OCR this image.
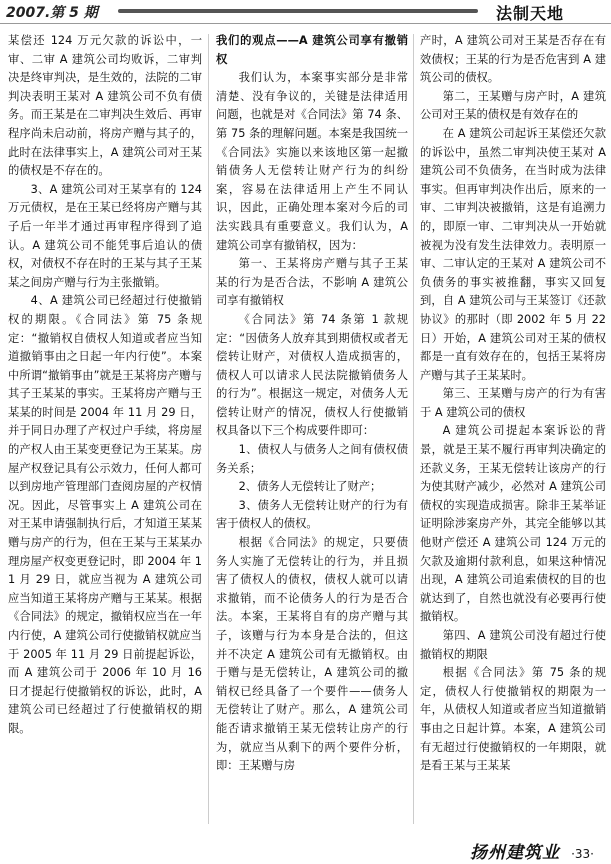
2007.第 5 期	法制天地

某偿还 124 万元欠款的诉讼中，一审、二审 A 建筑公司均败诉，二审判决是终审判决，是生效的，法院的二审判决表明王某对 A 建筑公司不负有债务。而王某是在二审判决生效后、再审程序尚未启动前，将房产赠与其子的，此时在法律事实上，A 建筑公司对王某的债权是不存在的。

3、A 建筑公司对王某享有的 124 万元债权，是在王某已经将房产赠与其子后一年半才通过再审程序得到了追认。A 建筑公司不能凭事后追认的债权，对债权不存在时的王某与其子王某某之间房产赠与行为主张撤销。

4、A 建筑公司已经超过行使撤销权的期限。《合同法》第 75 条规定：“撤销权自债权人知道或者应当知道撤销事由之日起一年内行使”。本案中所谓“撤销事由”就是王某将房产赠与其子王某某的事实。王某将房产赠与王某某的时间是 2004 年 11 月 29 日，并于同日办理了产权过户手续，将房屋的产权人由王某变更登记为王某某。房屋产权登记具有公示效力，任何人都可以到房地产管理部门查阅房屋的产权情况。因此，尽管事实上 A 建筑公司在对王某申请强制执行后，才知道王某某赠与房产的行为，但在王某与王某某办理房屋产权变更登记时，即 2004 年 11 月 29 日，就应当视为 A 建筑公司应当知道王某将房产赠与王某某。根据《合同法》的规定，撤销权应当在一年内行使，A 建筑公司行使撤销权就应当于 2005 年 11 月 29 日前提起诉讼，而 A 建筑公司于 2006 年 10 月 16 日才提起行使撤销权的诉讼，此时，A 建筑公司已经超过了行使撤销权的期限。

我们的观点——A 建筑公司享有撤销权

我们认为，本案事实部分是非常清楚、没有争议的，关键是法律适用问题，也就是对《合同法》第 74 条、第 75 条的理解问题。本案是我国统一《合同法》实施以来该地区第一起撤销债务人无偿转让财产行为的纠纷案，容易在法律适用上产生不同认识，因此，正确处理本案对今后的司法实践具有重要意义。我们认为，A 建筑公司享有撤销权，因为：

第一、王某将房产赠与其子王某某的行为是否合法，不影响 A 建筑公司享有撤销权

《合同法》第 74 条第 1 款规定：“因债务人放弃其到期债权或者无偿转让财产，对债权人造成损害的，债权人可以请求人民法院撤销债务人的行为”。根据这一规定，对债务人无偿转让财产的情况，债权人行使撤销权具备以下三个构成要件即可：

1、债权人与债务人之间有债权债务关系；

2、债务人无偿转让了财产；

3、债务人无偿转让财产的行为有害于债权人的债权。

根据《合同法》的规定，只要债务人实施了无偿转让的行为，并且损害了债权人的债权，债权人就可以请求撤销，而不论债务人的行为是否合法。本案，王某将自有的房产赠与其子，该赠与行为本身是合法的，但这并不决定 A 建筑公司有无撤销权。由于赠与是无偿转让，A 建筑公司的撤销权已经具备了一个要件——债务人无偿转让了财产。那么，A 建筑公司能否请求撤销王某无偿转让房产的行为，就应当从剩下的两个要件分析，即：王某赠与房

产时，A 建筑公司对王某是否存在有效债权；王某的行为是否危害到 A 建筑公司的债权。

第二，王某赠与房产时，A 建筑公司对王某的债权是有效存在的

在 A 建筑公司起诉王某偿还欠款的诉讼中，虽然二审判决使王某对 A 建筑公司不负债务，在当时成为法律事实。但再审判决作出后，原来的一审、二审判决被撤销，这是有追溯力的，即原一审、二审判决从一开始就被视为没有发生法律效力。表明原一审、二审认定的王某对 A 建筑公司不负债务的事实被推翻，事实又回复到，自 A 建筑公司与王某签订《还款协议》的那时（即 2002 年 5 月 22 日）开始，A 建筑公司对王某的债权都是一直有效存在的，包括王某将房产赠与其子王某某时。

第三、王某赠与房产的行为有害于 A 建筑公司的债权

A 建筑公司提起本案诉讼的背景，就是王某不履行再审判决确定的还款义务，王某无偿转让该房产的行为使其财产减少，必然对 A 建筑公司债权的实现造成损害。除非王某举证证明除涉案房产外，其完全能够以其他财产偿还 A 建筑公司 124 万元的欠款及逾期付款利息，如果这种情况出现，A 建筑公司追索债权的目的也就达到了，自然也就没有必要再行使撤销权。

第四、A 建筑公司没有超过行使撤销权的期限

根据《合同法》第 75 条的规定，债权人行使撤销权的期限为一年，从债权人知道或者应当知道撤销事由之日起计算。本案，A 建筑公司有无超过行使撤销权的一年期限，就是看王某与王某某

扬州建筑业 ·33·
